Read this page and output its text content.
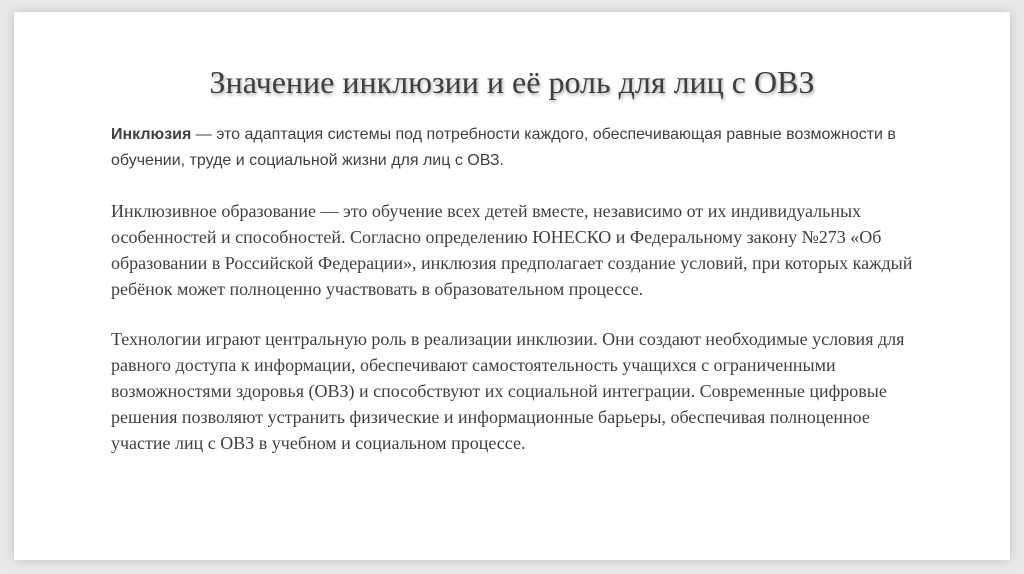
Значение инклюзии и её роль для лиц с ОВЗ

Инклюзия — это адаптация системы под потребности каждого, обеспечивающая равные возможности в обучении, труде и социальной жизни для лиц с ОВЗ.

Инклюзивное образование — это обучение всех детей вместе, независимо от их индивидуальных особенностей и способностей. Согласно определению ЮНЕСКО и Федеральному закону №273 «Об образовании в Российской Федерации», инклюзия предполагает создание условий, при которых каждый ребёнок может полноценно участвовать в образовательном процессе.

Технологии играют центральную роль в реализации инклюзии. Они создают необходимые условия для равного доступа к информации, обеспечивают самостоятельность учащихся с ограниченными возможностями здоровья (ОВЗ) и способствуют их социальной интеграции. Современные цифровые решения позволяют устранить физические и информационные барьеры, обеспечивая полноценное участие лиц с ОВЗ в учебном и социальном процессе.
